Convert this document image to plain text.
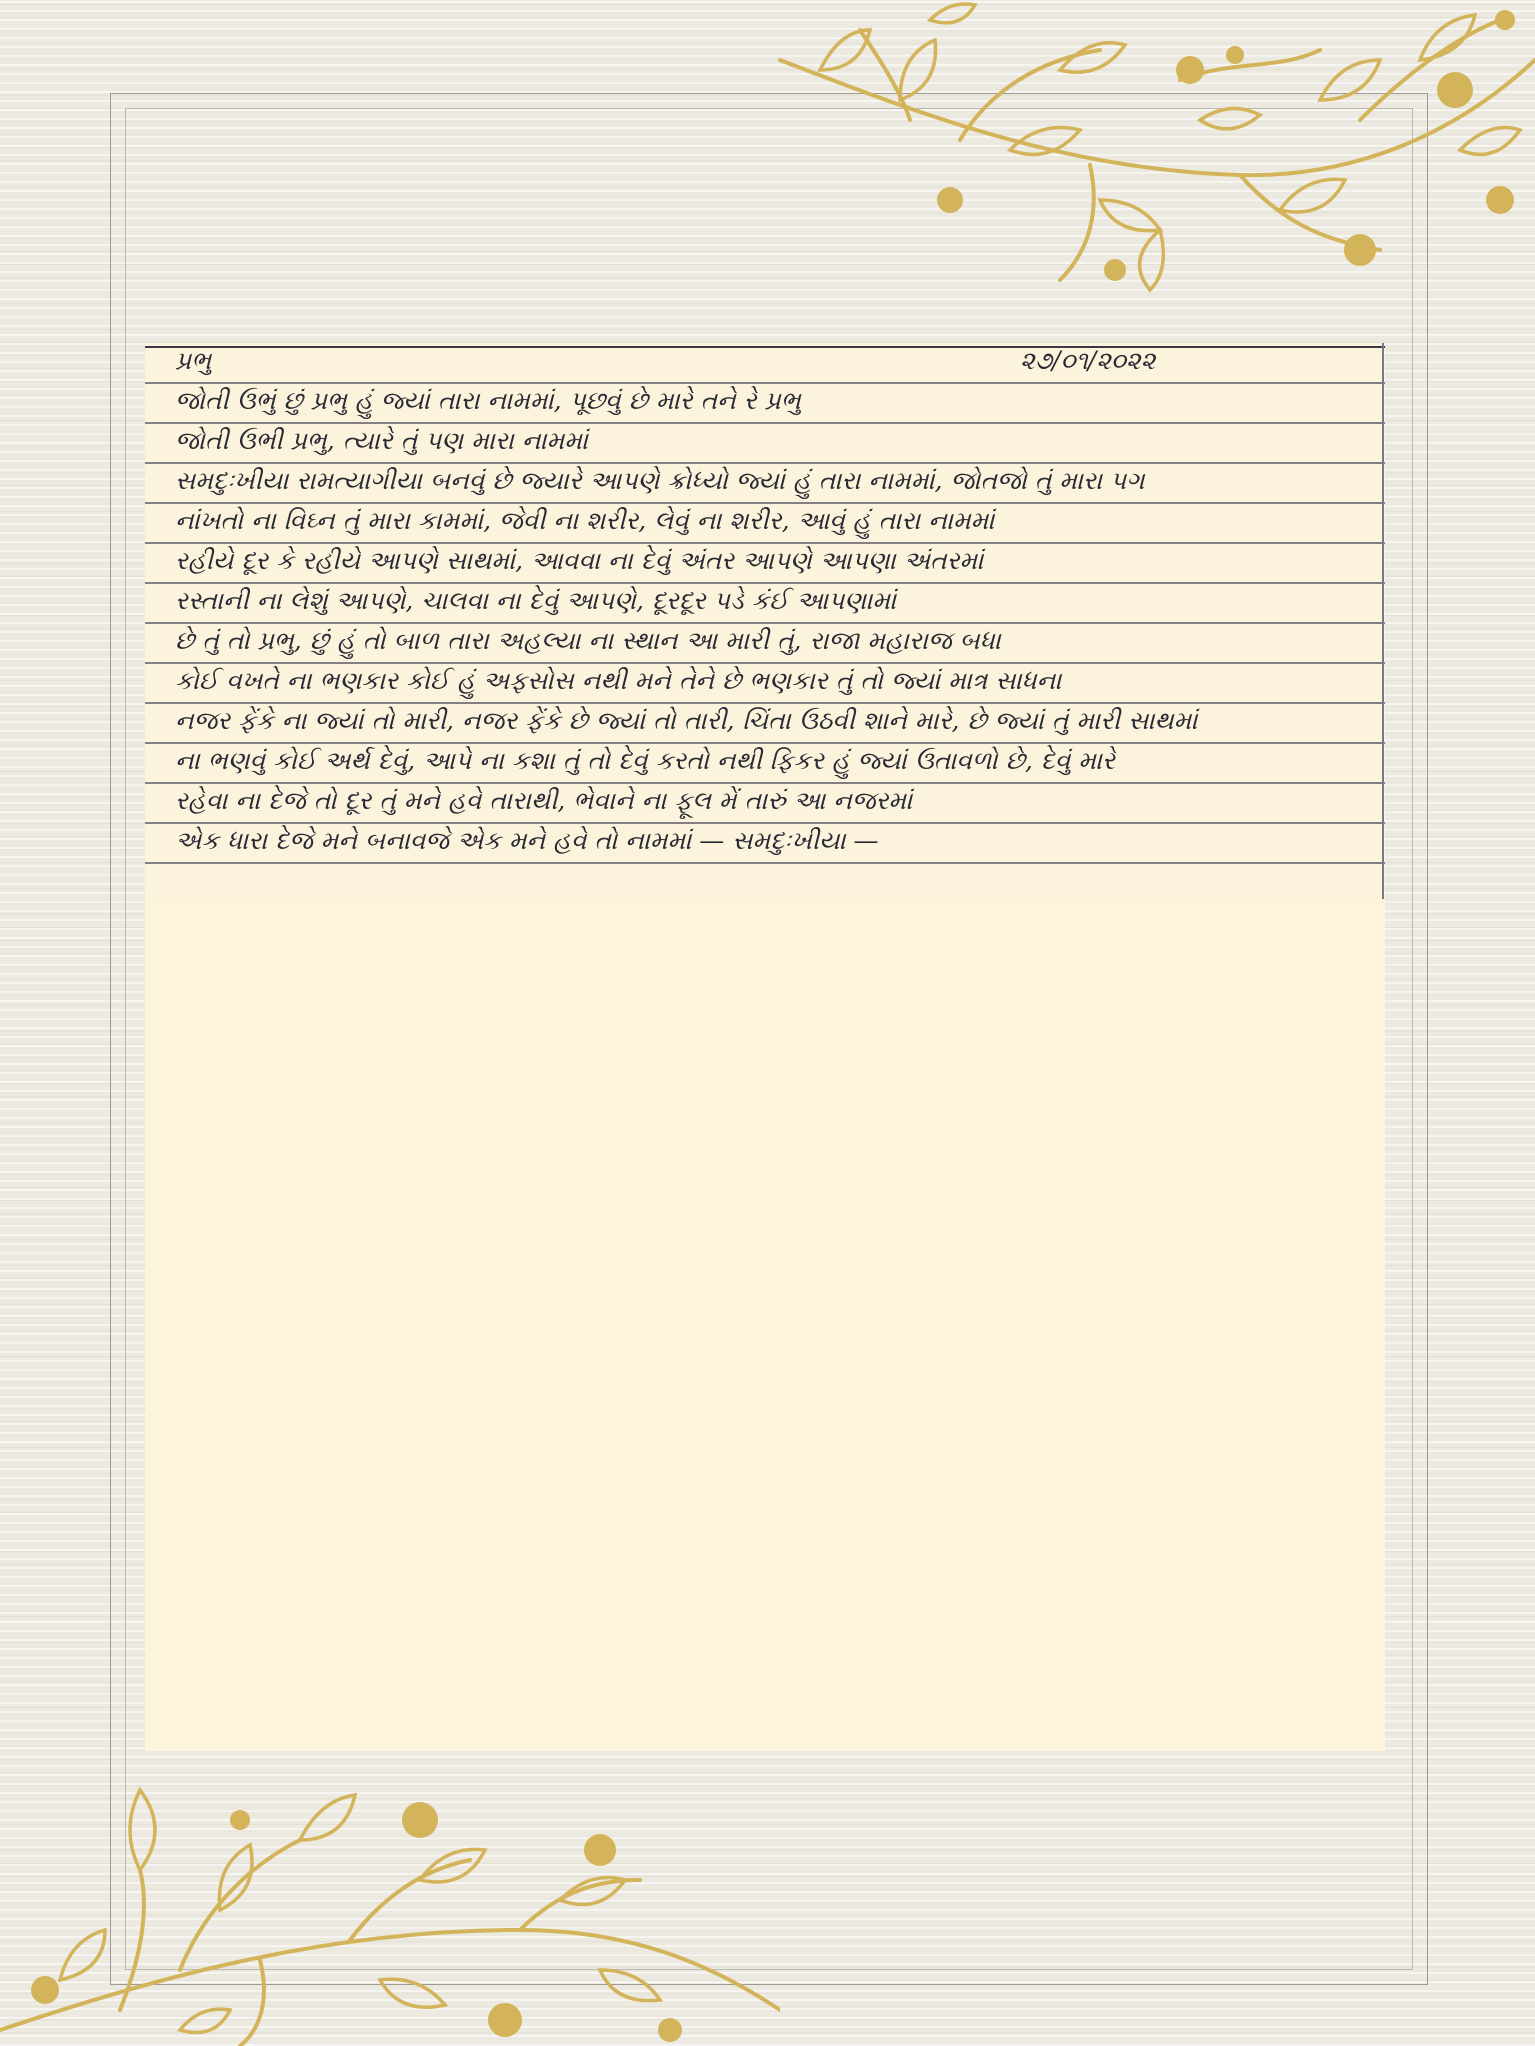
પ્રભુ	૨૭/૦૧/૨૦૨૨
જોતી ઉભું છું પ્રભુ હું જ્યાં તારા નામમાં, પૂછવું છે મારે તને રે પ્રભુ
જોતી ઉભી પ્રભુ, ત્યારે તું પણ મારા નામમાં
સમદુઃખીયા રામત્યાગીયા બનવું છે જ્યારે આપણે ક્રોધ્યો જ્યાં હું તારા નામમાં, જોતજો તું મારા પગ
નાંખતો ના વિઘ્ન તું મારા કામમાં, જેવી ના શરીર, લેવું ના શરીર, આવું હું તારા નામમાં
રહીયે દૂર કે રહીયે આપણે સાથમાં, આવવા ના દેવું અંતર આપણે આપણા અંતરમાં
રસ્તાની ના લેશું આપણે, ચાલવા ના દેવું આપણે, દૂરદૂર પડે કંઈ આપણામાં
છે તું તો પ્રભુ, છું હું તો બાળ તારા અહલ્યા ના સ્થાન આ મારી તું, રાજા મહારાજ બધા
કોઈ વખતે ના ભણકાર કોઈ હું અફસોસ નથી મને તેને છે ભણકાર તું તો જ્યાં માત્ર સાધના
નજર ફેંકે ના જ્યાં તો મારી, નજર ફેંકે છે જ્યાં તો તારી, ચિંતા ઉઠવી શાને મારે, છે જ્યાં તું મારી સાથમાં
ના ભણવું કોઈ અર્થ દેવું, આપે ના કશા તું તો દેવું કરતો નથી ફિકર હું જ્યાં ઉતાવળો છે, દેવું મારે
રહેવા ના દેજે તો દૂર તું મને હવે તારાથી, ભેવાને ના ફૂલ મેં તારું આ નજરમાં
એક ધારા દેજે મને બનાવજે એક મને હવે તો નામમાં — સમદુઃખીયા —
